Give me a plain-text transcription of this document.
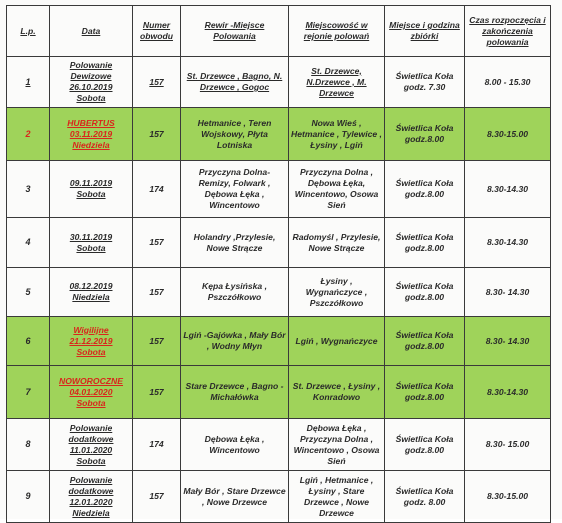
L.p.	Data	Numer obwodu	Rewir -Miejsce Polowania	Miejscowość w rejonie polowań	Miejsce i godzina zbiórki	Czas rozpoczęcia i zakończenia polowania
1	Polowanie
Dewizowe
26.10.2019
Sobota	157	St. Drzewce , Bagno, N. Drzewce , Gogoc	St. Drzewce, N.Drzewce , M. Drzewce	Świetlica Koła godz. 7.30	8.00 - 15.30
2	HUBERTUS
03.11.2019
Niedziela	157	Hetmanice , Teren Wojskowy, Płyta Lotniska	Nowa Wieś , Hetmanice , Tylewice , Łysiny , Lgiń	Świetlica Koła godz.8.00	8.30-15.00
3	09.11.2019
Sobota	174	Przyczyna Dolna- Remizy, Folwark , Dębowa Łęka , Wincentowo	Przyczyna Dolna , Dębowa Łęka, Wincentowo, Osowa Sień	Świetlica Koła godz.8.00	8.30-14.30
4	30.11.2019
Sobota	157	Holandry ,Przylesie, Nowe Strącze	Radomyśl , Przylesie, Nowe Strącze	Świetlica Koła godz.8.00	8.30-14.30
5	08.12.2019
Niedziela	157	Kępa Łysińska , Pszczółkowo	Łysiny , Wygnańczyce , Pszczółkowo	Świetlica Koła godz.8.00	8.30- 14.30
6	Wigilijne
21.12.2019
Sobota	157	Lgiń -Gajówka , Mały Bór , Wodny Młyn	Lgiń , Wygnańczyce	Świetlica Koła godz.8.00	8.30- 14.30
7	NOWOROCZNE
04.01.2020
Sobota	157	Stare Drzewce , Bagno -Michałówka	St. Drzewce , Łysiny , Konradowo	Świetlica Koła godz.8.00	8.30-14.30
8	Polowanie
dodatkowe
11.01.2020
Sobota	174	Dębowa Łęka , Wincentowo	Dębowa Łęka , Przyczyna Dolna , Wincentowo , Osowa Sień	Świetlica Koła godz.8.00	8.30- 15.00
9	Polowanie
dodatkowe
12.01.2020
Niedziela	157	Mały Bór , Stare Drzewce , Nowe Drzewce	Lgiń , Hetmanice , Łysiny , Stare Drzewce , Nowe Drzewce	Świetlica Koła godz. 8.00	8.30-15.00
